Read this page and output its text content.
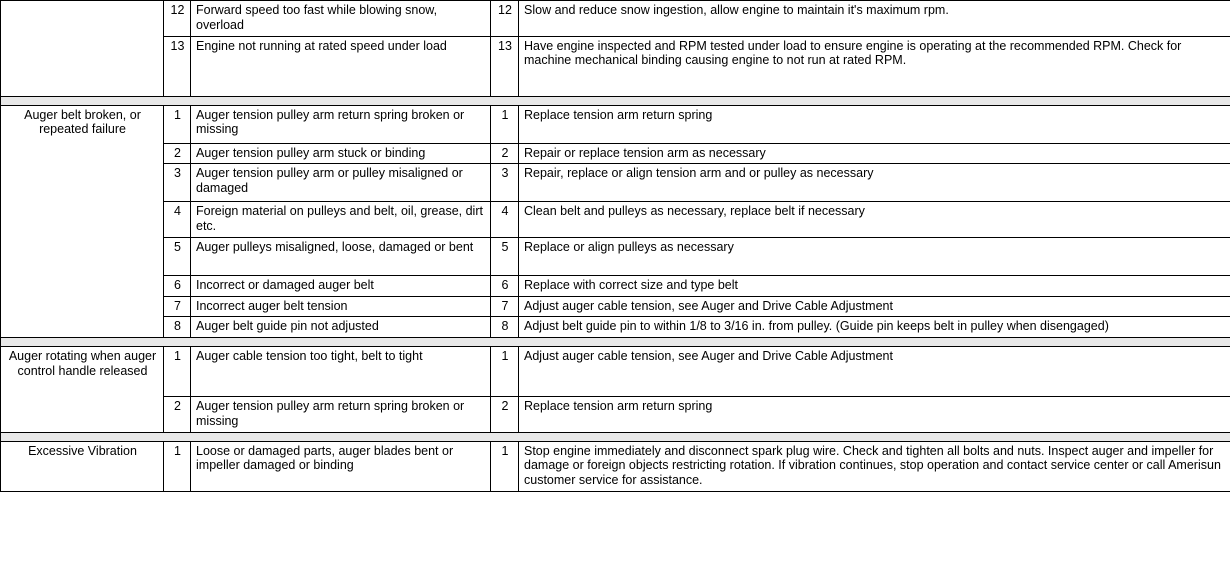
	12	Forward speed too fast while blowing snow, overload	12	Slow and reduce snow ingestion, allow engine to maintain it's maximum rpm.
	13	Engine not running at rated speed under load	13	Have engine inspected and RPM tested under load to ensure engine is operating at the recommended RPM. Check for machine mechanical binding causing engine to not run at rated RPM.

Auger belt broken, or repeated failure	1	Auger tension pulley arm return spring broken or missing	1	Replace tension arm return spring
	2	Auger tension pulley arm stuck or binding	2	Repair or replace tension arm as necessary
	3	Auger tension pulley arm or pulley misaligned or damaged	3	Repair, replace or align tension arm and or pulley as necessary
	4	Foreign material on pulleys and belt, oil, grease, dirt etc.	4	Clean belt and pulleys as necessary, replace belt if necessary
	5	Auger pulleys misaligned, loose, damaged or bent	5	Replace or align pulleys as necessary
	6	Incorrect or damaged auger belt	6	Replace with correct size and type belt
	7	Incorrect auger belt tension	7	Adjust auger cable tension, see Auger and Drive Cable Adjustment
	8	Auger belt guide pin not adjusted	8	Adjust belt guide pin to within 1/8 to 3/16 in. from pulley. (Guide pin keeps belt in pulley when disengaged)

Auger rotating when auger control handle released	1	Auger cable tension too tight, belt to tight	1	Adjust auger cable tension, see Auger and Drive Cable Adjustment
	2	Auger tension pulley arm return spring broken or missing	2	Replace tension arm return spring

Excessive Vibration	1	Loose or damaged parts, auger blades bent or impeller damaged or binding	1	Stop engine immediately and disconnect spark plug wire. Check and tighten all bolts and nuts. Inspect auger and impeller for damage or foreign objects restricting rotation. If vibration continues, stop operation and contact service center or call Amerisun customer service for assistance.
